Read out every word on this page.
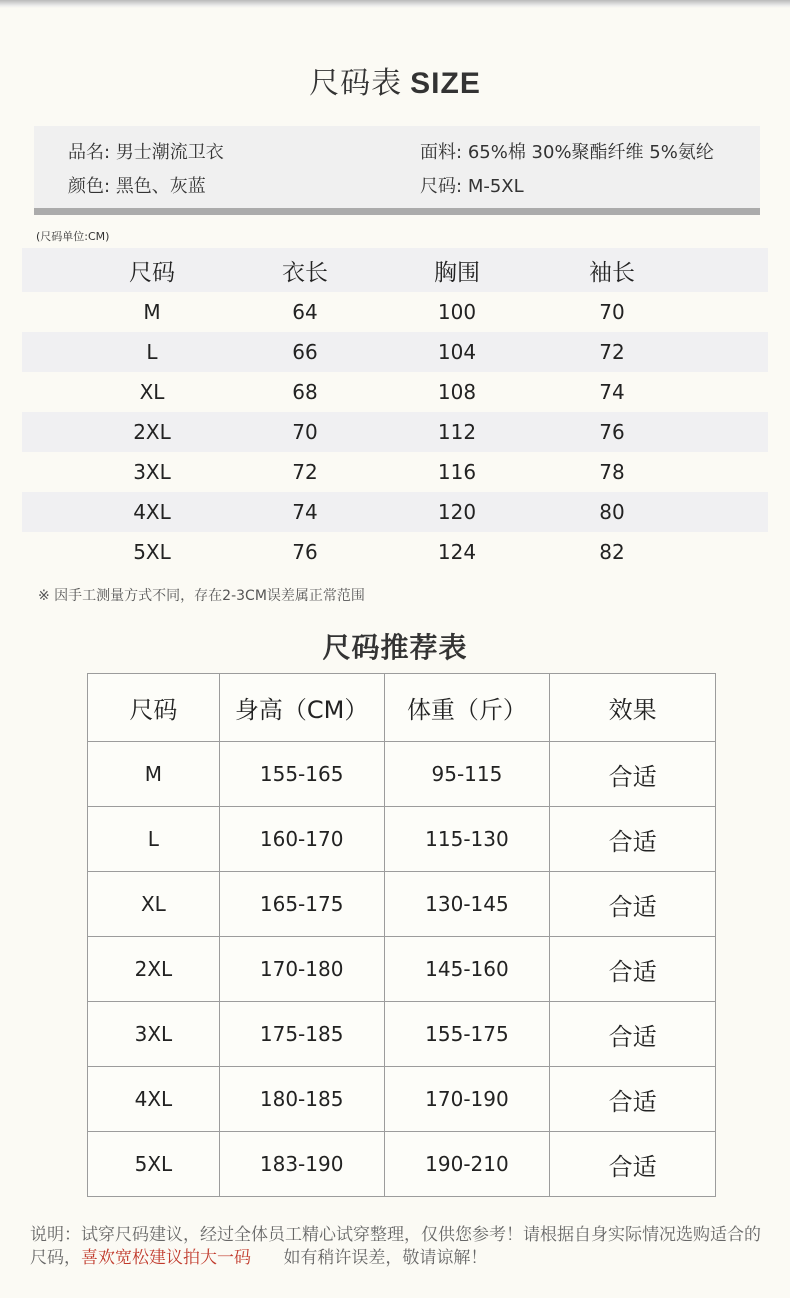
尺码表 SIZE
品名: 男士潮流卫衣	面料: 65%棉 30%聚酯纤维 5%氨纶
颜色: 黑色、灰蓝	尺码: M-5XL
(尺码单位:CM)
尺码	衣长	胸围	袖长
M	64	100	70
L	66	104	72
XL	68	108	74
2XL	70	112	76
3XL	72	116	78
4XL	74	120	80
5XL	76	124	82
※ 因手工测量方式不同，存在2-3CM误差属正常范围
尺码推荐表
尺码	身高（CM）	体重（斤）	效果
M	155-165	95-115	合适
L	160-170	115-130	合适
XL	165-175	130-145	合适
2XL	170-180	145-160	合适
3XL	175-185	155-175	合适
4XL	180-185	170-190	合适
5XL	183-190	190-210	合适
说明：试穿尺码建议，经过全体员工精心试穿整理，仅供您参考！请根据自身实际情况选购适合的尺码，喜欢宽松建议拍大一码 如有稍许误差，敬请谅解！
